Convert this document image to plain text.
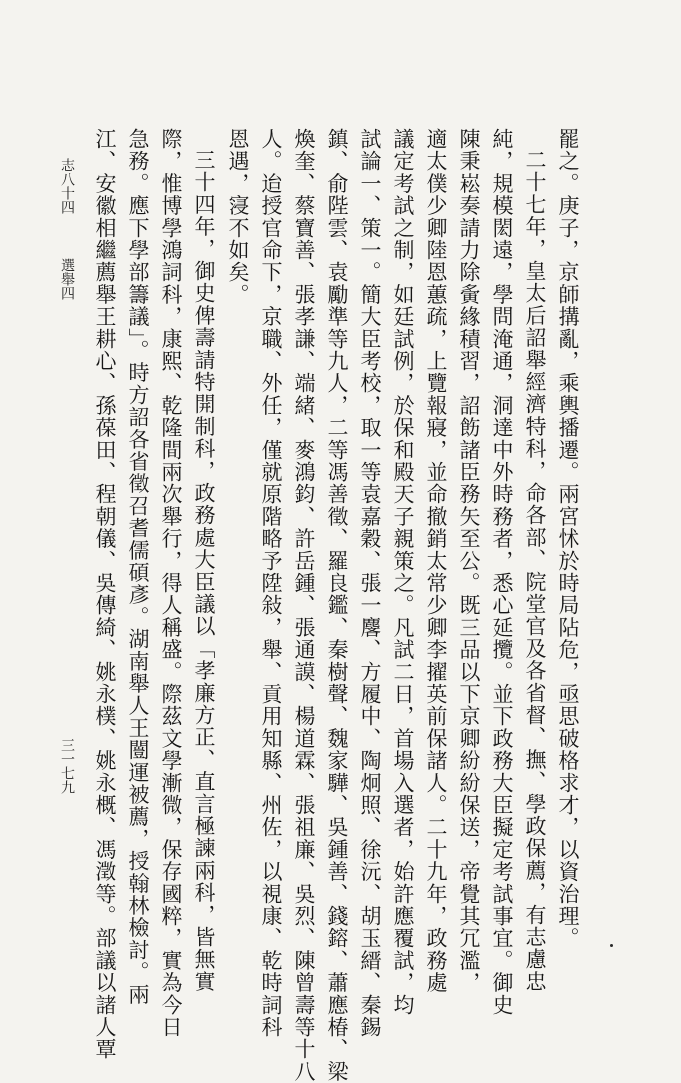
罷之。庚子，京師搆亂，乘輿播遷。兩宮怵於時局阽危，亟思破格求才，以資治理。
二十七年，皇太后詔舉經濟特科，命各部、院堂官及各省督、撫、學政保薦，有志慮忠
純，規模閎遠，學問淹通，洞達中外時務者，悉心延攬。並下政務大臣擬定考試事宜。御史
陳秉崧奏請力除夤緣積習，詔飭諸臣務矢至公。既三品以下京卿紛紛保送，帝覺其冗濫，
適太僕少卿陸恩蕙疏，上覽報寢，並命撤銷太常少卿李擢英前保諸人。二十九年，政務處
議定考試之制，如廷試例，於保和殿天子親策之。凡試二日，首場入選者，始許應覆試，均
試論一、策一。簡大臣考校，取一等袁嘉穀、張一麐、方履中、陶炯照、徐沅、胡玉縉、秦錫
鎮、俞陛雲、袁勵準等九人，二等馮善徵、羅良鑑、秦樹聲、魏家驊、吳鍾善、錢鎔、蕭應椿、梁
煥奎、蔡寶善、張孝謙、端緒、麥鴻鈞、許岳鍾、張通謨、楊道霖、張祖廉、吳烈、陳曾壽等十八
人。迨授官命下，京職、外任，僅就原階略予陞敍，舉、貢用知縣、州佐，以視康、乾時詞科
恩遇，寖不如矣。
三十四年，御史俾壽請特開制科，政務處大臣議以「孝廉方正、直言極諫兩科，皆無實
際，惟博學鴻詞科，康熙、乾隆間兩次舉行，得人稱盛。際茲文學漸微，保存國粹，實為今日
急務。應下學部籌議」。時方詔各省徵召耆儒碩彥。湖南舉人王闓運被薦，授翰林檢討。兩
江、安徽相繼薦舉王耕心、孫葆田、程朝儀、吳傳綺、姚永樸、姚永概、馮澂等。部議以諸人覃
志八十四
選舉四
三一七九
